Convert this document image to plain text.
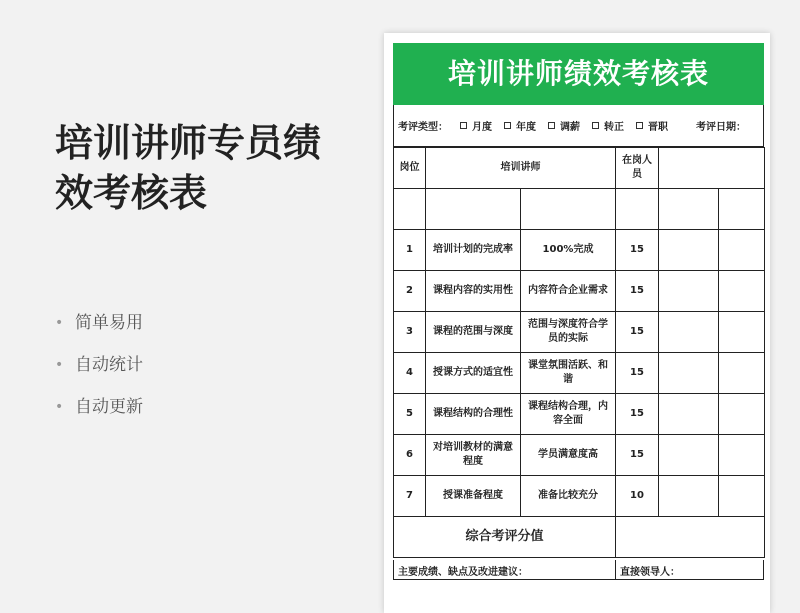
培训讲师专员绩效考核表
• 简单易用
• 自动统计
• 自动更新
培训讲师绩效考核表
考评类型： 月度 年度 调薪 转正 晋职	考评日期：
岗位	培训讲师		在岗人员		

1	培训计划的完成率	100%完成	15		
2	课程内容的实用性	内容符合企业需求	15		
3	课程的范围与深度	范围与深度符合学员的实际	15		
4	授课方式的适宜性	课堂氛围活跃、和谐	15		
5	课程结构的合理性	课程结构合理，内容全面	15		
6	对培训教材的满意程度	学员满意度高	15		
7	授课准备程度	准备比较充分	10		
综合考评分值					
主要成绩、缺点及改进建议：	直接领导人：
